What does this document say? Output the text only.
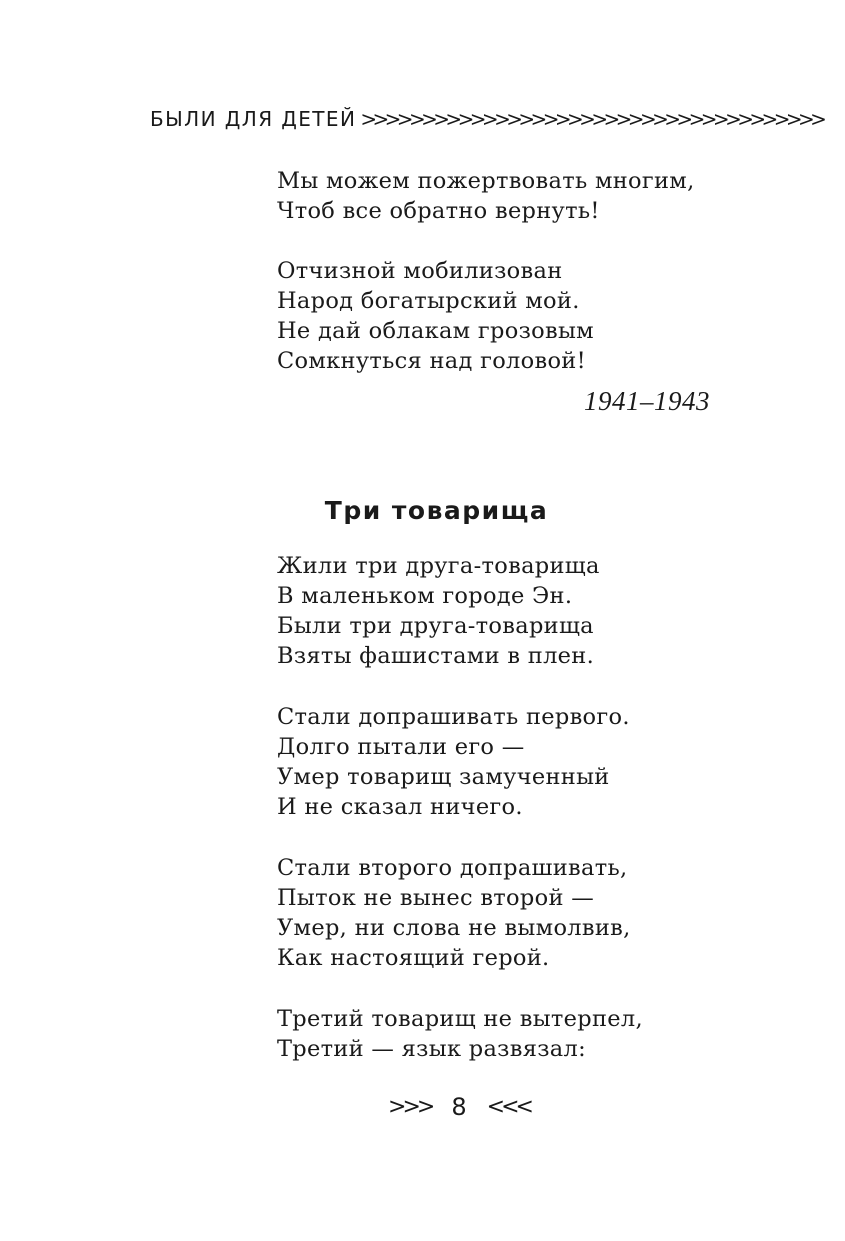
БЫЛИ ДЛЯ ДЕТЕЙ >>>>>>>>>>>>>>>>>>>>>>>>>>>>>>>>>>>>>>
Мы можем пожертвовать многим,
Чтоб все обратно вернуть!
Отчизной мобилизован
Народ богатырский мой.
Не дай облакам грозовым
Сомкнуться над головой!
1941–1943
Три товарища
Жили три друга-товарища
В маленьком городе Эн.
Были три друга-товарища
Взяты фашистами в плен.
Стали допрашивать первого.
Долго пытали его —
Умер товарищ замученный
И не сказал ничего.
Стали второго допрашивать,
Пыток не вынес второй —
Умер, ни слова не вымолвив,
Как настоящий герой.
Третий товарищ не вытерпел,
Третий — язык развязал:
>>> 8 <<<
